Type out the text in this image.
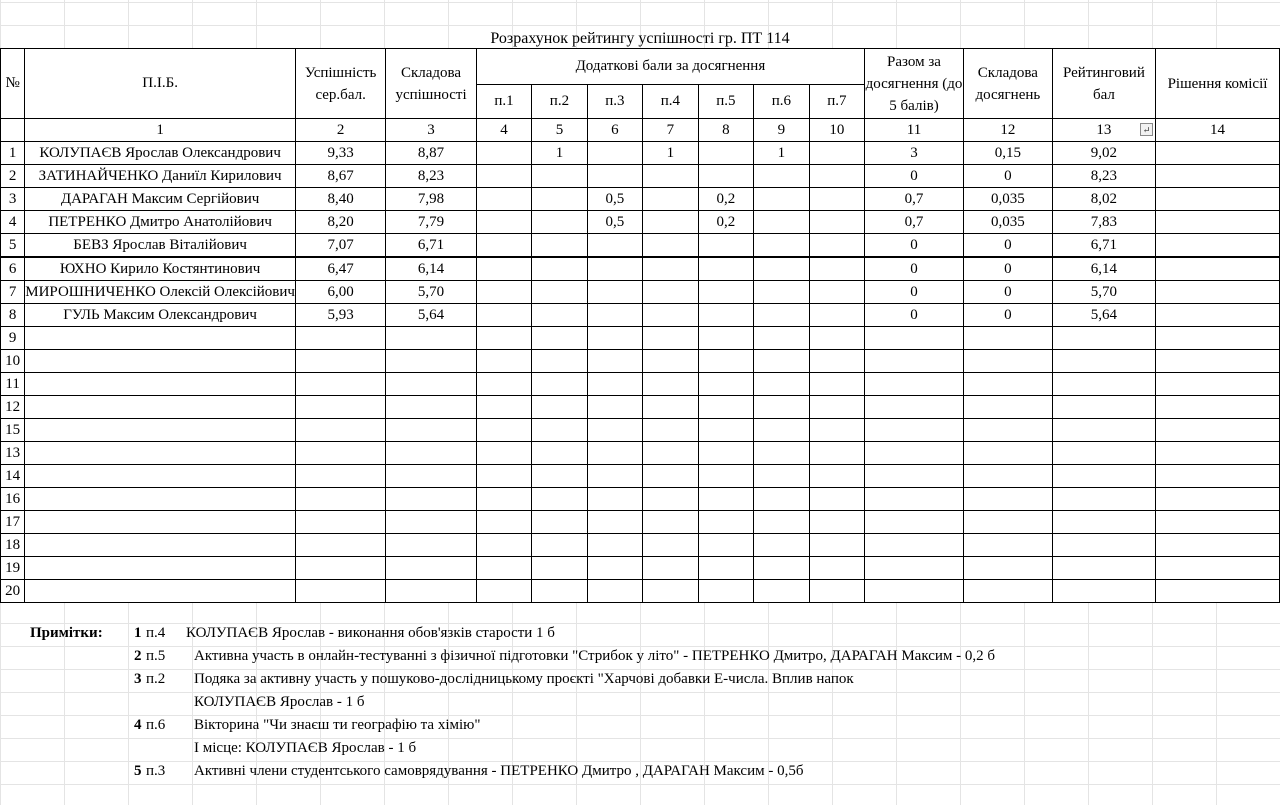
Розрахунок рейтингу успішності гр. ПТ 114
№	П.І.Б.	Успішність сер.бал.	Складова успішності	Додаткові бали за досягнення							Разом за досягнення (до 5 балів)	Складова досягнень	Рейтинговий бал	Рішення комісії
				п.1	п.2	п.3	п.4	п.5	п.6	п.7				
	1	2	3	4	5	6	7	8	9	10	11	12	13 ↵	14
1	КОЛУПАЄВ Ярослав Олександрович	9,33	8,87		1		1		1		3	0,15	9,02	
2	ЗАТИНАЙЧЕНКО Даниїл Кирилович	8,67	8,23								0	0	8,23	
3	ДАРАГАН Максим Сергійович	8,40	7,98			0,5		0,2			0,7	0,035	8,02	
4	ПЕТРЕНКО Дмитро Анатолійович	8,20	7,79			0,5		0,2			0,7	0,035	7,83	
5	БЕВЗ Ярослав Віталійович	7,07	6,71								0	0	6,71	
6	ЮХНО Кирило Костянтинович	6,47	6,14								0	0	6,14	
7	МИРОШНИЧЕНКО Олексій Олексійович	6,00	5,70								0	0	5,70	
8	ГУЛЬ Максим Олександрович	5,93	5,64								0	0	5,64	
9														
10														
11														
12														
15														
13														
14														
16														
17														
18														
19														
20														
Примітки: 1 п.4 КОЛУПАЄВ Ярослав - виконання обов'язків старости 1 б
2 п.5 Активна участь в онлайн-тестуванні з фізичної підготовки "Стрибок у літо" - ПЕТРЕНКО Дмитро, ДАРАГАН Максим - 0,2 б
3 п.2 Подяка за активну участь у пошуково-дослідницькому проєкті "Харчові добавки Е-числа. Вплив напок
КОЛУПАЄВ Ярослав - 1 б
4 п.6 Вікторина "Чи знаєш ти географію та хімію"
I місце: КОЛУПАЄВ Ярослав - 1 б
5 п.3 Активні члени студентського самоврядування - ПЕТРЕНКО Дмитро , ДАРАГАН Максим - 0,5б
